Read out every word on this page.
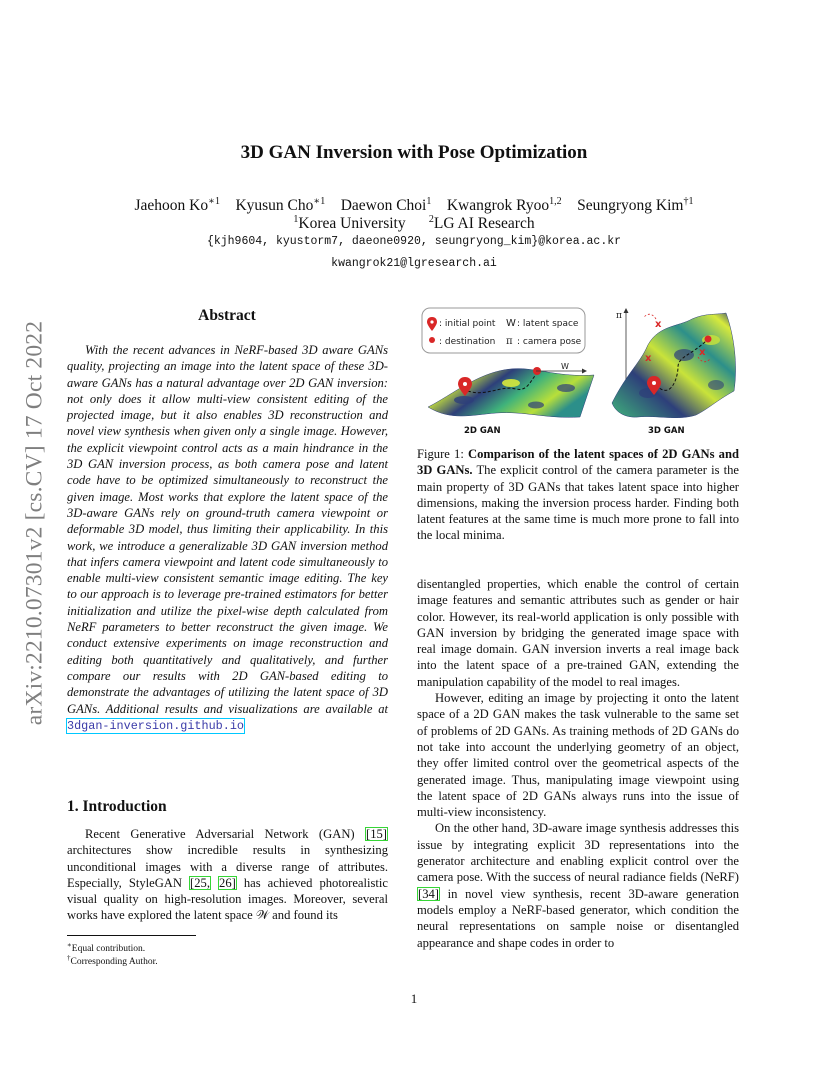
arXiv:2210.07301v2 [cs.CV] 17 Oct 2022
3D GAN Inversion with Pose Optimization
Jaehoon $Ko^{∗1}$ Kyusun Cho$^{∗1}$ Daewon Choi$^1$ Kwangrok Ryoo$^{1,2}$ Seungryong Kim$^{\dagger 1}$
$^1$Korea University $^2$LG AI Research
{kjh9604, kyustorm7, daeone0920, seungryong_kim}@korea.ac.kr
kwangrok21@lgresearch.ai
Abstract

With the recent advances in NeRF-based 3D aware GANs quality, projecting an image into the latent space of these 3D-aware GANs has a natural advantage over 2D GAN inversion: not only does it allow multi-view consistent editing of the projected image, but it also enables 3D reconstruction and novel view synthesis when given only a single image. However, the explicit viewpoint control acts as a main hindrance in the 3D GAN inversion process, as both camera pose and latent code have to be optimized simultaneously to reconstruct the given image. Most works that explore the latent space of the 3D-aware GANs rely on ground-truth camera viewpoint or deformable 3D model, thus limiting their applicability. In this work, we introduce a generalizable 3D GAN inversion method that infers camera viewpoint and latent code simultaneously to enable multi-view consistent semantic image editing. The key to our approach is to leverage pre-trained estimators for better initialization and utilize the pixel-wise depth calculated from NeRF parameters to better reconstruct the given image. We conduct extensive experiments on image reconstruction and editing both quantitatively and qualitatively, and further compare our results with 2D GAN-based editing to demonstrate the advantages of utilizing the latent space of 3D GANs. Additional results and visualizations are available at 3dgan-inversion.github.io

1. Introduction

Recent Generative Adversarial Network (GAN) [15] architectures show incredible results in synthesizing unconditional images with a diverse range of attributes. Especially, StyleGAN [25, 26] has achieved photorealistic visual quality on high-resolution images. Moreover, several works have explored the latent space 𝒲 and found its

∗Equal contribution.
†Corresponding Author.
: initial point
: destination
W : latent space
π : camera pose
W
2D GAN
π
x
x
x
3D GAN
Figure 1: Comparison of the latent spaces of 2D GANs and 3D GANs. The explicit control of the camera parameter is the main property of 3D GANs that takes latent space into higher dimensions, making the inversion process harder. Finding both latent features at the same time is much more prone to fall into the local minima.

disentangled properties, which enable the control of certain image features and semantic attributes such as gender or hair color. However, its real-world application is only possible with GAN inversion by bridging the generated image space with real image domain. GAN inversion inverts a real image back into the latent space of a pre-trained GAN, extending the manipulation capability of the model to real images.

However, editing an image by projecting it onto the latent space of a 2D GAN makes the task vulnerable to the same set of problems of 2D GANs. As training methods of 2D GANs do not take into account the underlying geometry of an object, they offer limited control over the geometrical aspects of the generated image. Thus, manipulating image viewpoint using the latent space of 2D GANs always runs into the issue of multi-view inconsistency.

On the other hand, 3D-aware image synthesis addresses this issue by integrating explicit 3D representations into the generator architecture and enabling explicit control over the camera pose. With the success of neural radiance fields (NeRF) [34] in novel view synthesis, recent 3D-aware generation models employ a NeRF-based generator, which condition the neural representations on sample noise or disentangled appearance and shape codes in order to

1
